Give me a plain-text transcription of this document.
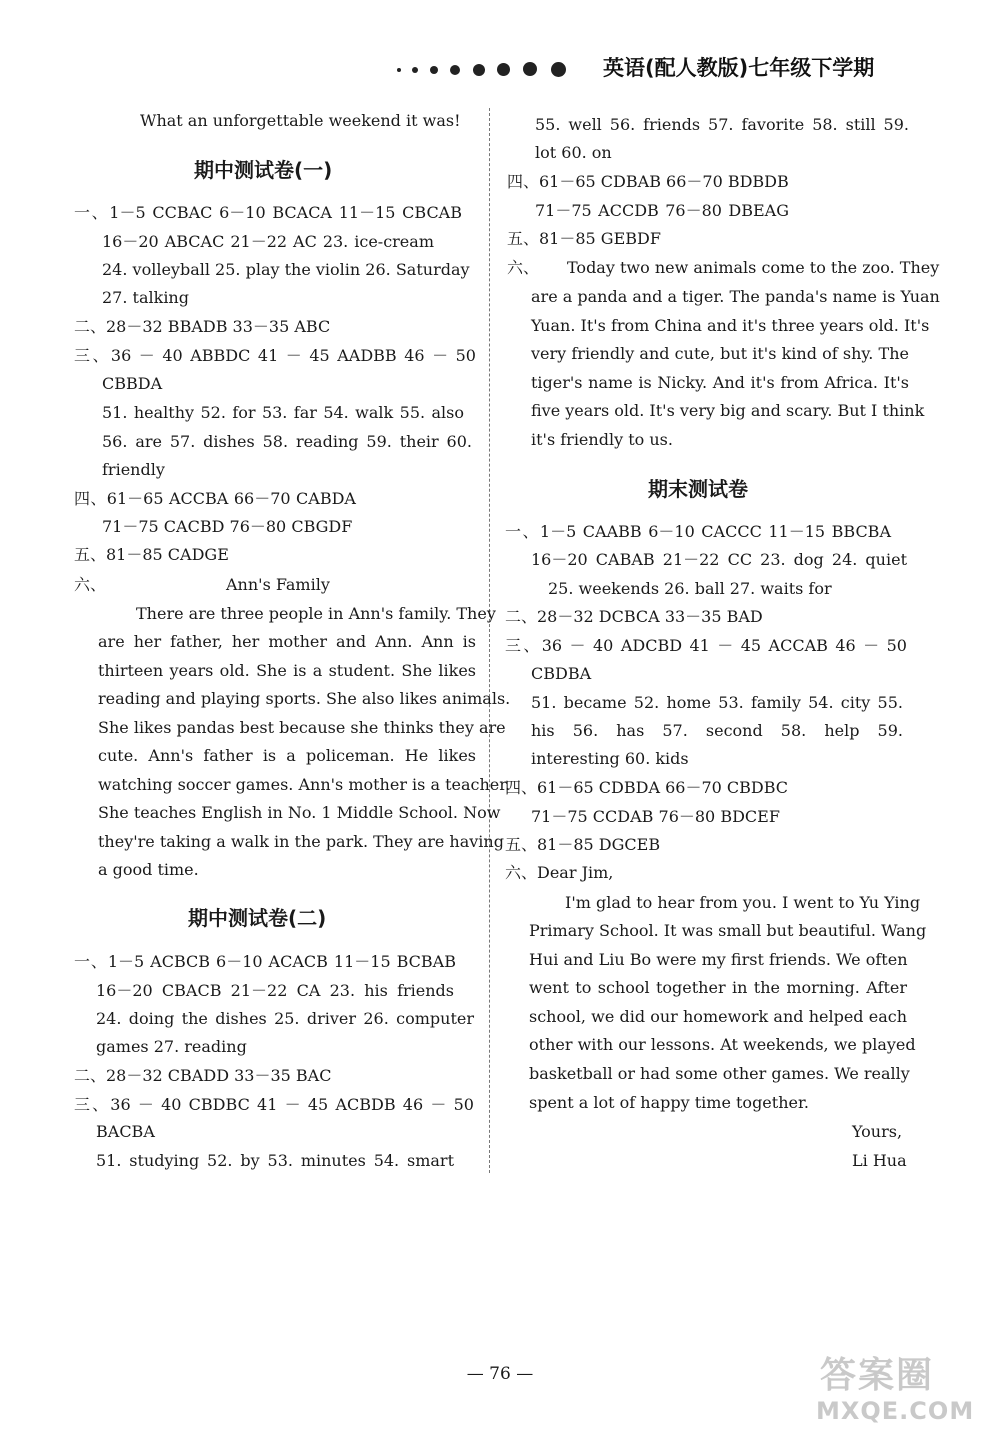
英语(配人教版)七年级下学期
What an unforgettable weekend it was!
期中测试卷(一)
一、1－5 CCBAC 6－10 BCACA 11－15 CBCAB
16－20 ABCAC 21－22 AC 23. ice-cream
24. volleyball 25. play the violin 26. Saturday
27. talking
二、28－32 BBADB 33－35 ABC
三、36 － 40 ABBDC 41 － 45 AADBB 46 － 50
CBBDA
51. healthy 52. for 53. far 54. walk 55. also
56. are 57. dishes 58. reading 59. their 60.
friendly
四、61－65 ACCBA 66－70 CABDA
71－75 CACBD 76－80 CBGDF
五、81－85 CADGE
六、	Ann's Family
There are three people in Ann's family. They
are her father, her mother and Ann. Ann is
thirteen years old. She is a student. She likes
reading and playing sports. She also likes animals.
She likes pandas best because she thinks they are
cute. Ann's father is a policeman. He likes
watching soccer games. Ann's mother is a teacher.
She teaches English in No. 1 Middle School. Now
they're taking a walk in the park. They are having
a good time.
期中测试卷(二)
一、1－5 ACBCB 6－10 ACACB 11－15 BCBAB
16－20 CBACB 21－22 CA 23. his friends
24. doing the dishes 25. driver 26. computer
games 27. reading
二、28－32 CBADD 33－35 BAC
三、36 － 40 CBDBC 41 － 45 ACBDB 46 － 50
BACBA
51. studying 52. by 53. minutes 54. smart
55. well 56. friends 57. favorite 58. still 59.
lot 60. on
四、61－65 CDBAB 66－70 BDBDB
71－75 ACCDB 76－80 DBEAG
五、81－85 GEBDF
六、 Today two new animals come to the zoo. They
are a panda and a tiger. The panda's name is Yuan
Yuan. It's from China and it's three years old. It's
very friendly and cute, but it's kind of shy. The
tiger's name is Nicky. And it's from Africa. It's
five years old. It's very big and scary. But I think
it's friendly to us.
期末测试卷
一、1－5 CAABB 6－10 CACCC 11－15 BBCBA
16－20 CABAB 21－22 CC 23. dog 24. quiet
25. weekends 26. ball 27. waits for
二、28－32 DCBCA 33－35 BAD
三、36 － 40 ADCBD 41 － 45 ACCAB 46 － 50
CBDBA
51. became 52. home 53. family 54. city 55.
his 56. has 57. second 58. help 59.
interesting 60. kids
四、61－65 CDBDA 66－70 CBDBC
71－75 CCDAB 76－80 BDCEF
五、81－85 DGCEB
六、Dear Jim,
I'm glad to hear from you. I went to Yu Ying
Primary School. It was small but beautiful. Wang
Hui and Liu Bo were my first friends. We often
went to school together in the morning. After
school, we did our homework and helped each
other with our lessons. At weekends, we played
basketball or had some other games. We really
spent a lot of happy time together.
Yours,
Li Hua
— 76 —	答案圈
MXQE.COM
